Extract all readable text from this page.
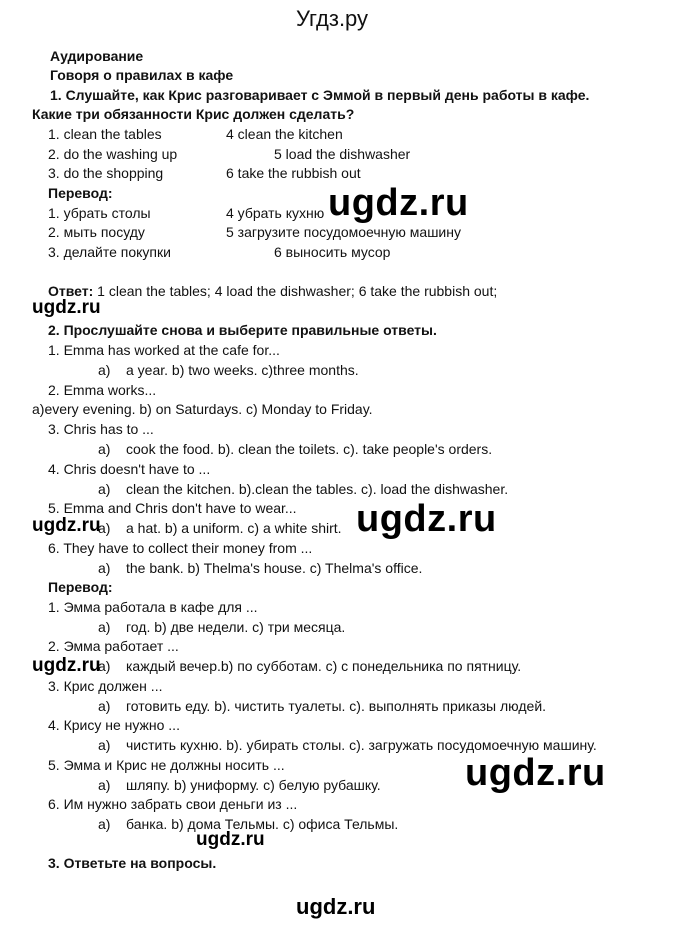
Угдз.ру
Аудирование
Говоря о правилах в кафе
1. Слушайте, как Крис разговаривает с Эммой в первый день работы в кафе.
Какие три обязанности Крис должен сделать?
1. clean the tables	4 clean the kitchen
2. do the washing up	5 load the dishwasher
3. do the shopping	6 take the rubbish out
Перевод:
1. убрать столы	4 убрать кухню
2. мыть посуду	5 загрузите посудомоечную машину
3. делайте покупки	6 выносить мусор
Ответ: 1 clean the tables; 4 load the dishwasher; 6 take the rubbish out;
2. Прослушайте снова и выберите правильные ответы.
1. Emma has worked at the cafe for...
a) a year. b) two weeks. c)three months.
2. Emma works...
a)every evening. b) on Saturdays. c) Monday to Friday.
3. Chris has to ...
a) cook the food. b). clean the toilets. c). take people's orders.
4. Chris doesn't have to ...
a) clean the kitchen. b).clean the tables. c). load the dishwasher.
5. Emma and Chris don't have to wear...
a) a hat. b) a uniform. c) a white shirt.
6. They have to collect their money from ...
a) the bank. b) Thelma's house. c) Thelma's office.
Перевод:
1. Эмма работала в кафе для ...
a) год. b) две недели. c) три месяца.
2. Эмма работает ...
a) каждый вечер.b) по субботам. c) с понедельника по пятницу.
3. Крис должен ...
a) готовить еду. b). чистить туалеты. c). выполнять приказы людей.
4. Крису не нужно ...
a) чистить кухню. b). убирать столы. c). загружать посудомоечную машину.
5. Эмма и Крис не должны носить ...
a) шляпу. b) униформу. c) белую рубашку.
6. Им нужно забрать свои деньги из ...
a) банка. b) дома Тельмы. c) офиса Тельмы.
3. Ответьте на вопросы.
ugdz.ru
ugdz.ru
ugdz.ru
ugdz.ru
ugdz.ru
ugdz.ru
ugdz.ru
ugdz.ru
